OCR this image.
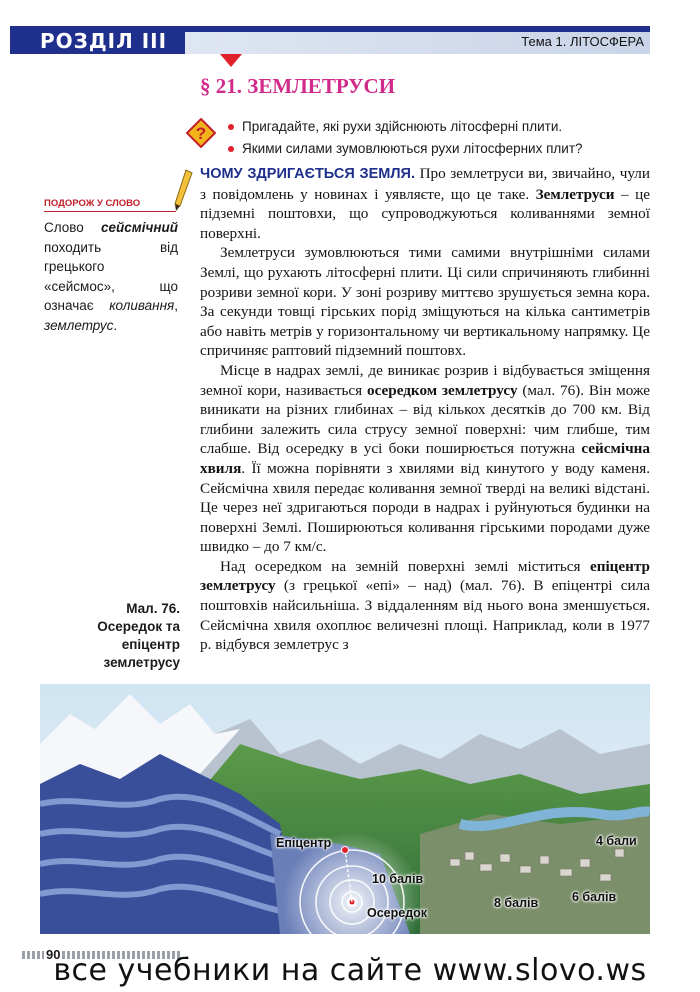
РОЗДІЛ III	Тема 1. ЛІТОСФЕРА
§ 21. ЗЕМЛЕТРУСИ
?	Пригадайте, які рухи здійснюють літосферні плити.
Якими силами зумовлюються рухи літосферних плит?
ПОДОРОЖ У СЛОВО
Слово сейсмічний походить від грецького «сейсмос», що означає коливання, землетрус.

ЧОМУ ЗДРИГАЄТЬСЯ ЗЕМЛЯ. Про землетруси ви, звичайно, чули з повідомлень у новинах і уявляєте, що це таке. Землетруси – це підземні поштовхи, що супроводжуються коливаннями земної поверхні.

Землетруси зумовлюються тими самими внутрішніми силами Землі, що рухають літосферні плити. Ці сили спричиняють глибинні розриви земної кори. У зоні розриву миттєво зрушується земна кора. За секунди товщі гірських порід зміщуються на кілька сантиметрів або навіть метрів у горизонтальному чи вертикальному напрямку. Це спричиняє раптовий підземний поштовх.

Місце в надрах землі, де виникає розрив і відбувається зміщення земної кори, називається осередком землетрусу (мал. 76). Він може виникати на різних глибинах – від кількох десятків до 700 км. Від глибини залежить сила струсу земної поверхні: чим глибше, тим слабше. Від осередку в усі боки поширюється потужна сейсмічна хвиля. Її можна порівняти з хвилями від кинутого у воду каменя. Сейсмічна хвиля передає коливання земної тверді на великі відстані. Це через неї здригаються породи в надрах і руйнуються будинки на поверхні Землі. Поширюються коливання гірськими породами дуже швидко – до 7 км/с.

Над осередком на земній поверхні землі міститься епіцентр землетрусу (з грецької «епі» – над) (мал. 76). В епіцентрі сила поштовхів найсильніша. З віддаленням від нього вона зменшується. Сейсмічна хвиля охоплює величезні площі. Наприклад, коли в 1977 р. відбувся землетрус з

Мал. 76.
Осередок та
епіцентр
землетрусу
Епіцентр
Осередок
10 балів
8 балів	6 балів
4 бали
90
все учебники на сайте www.slovo.ws
